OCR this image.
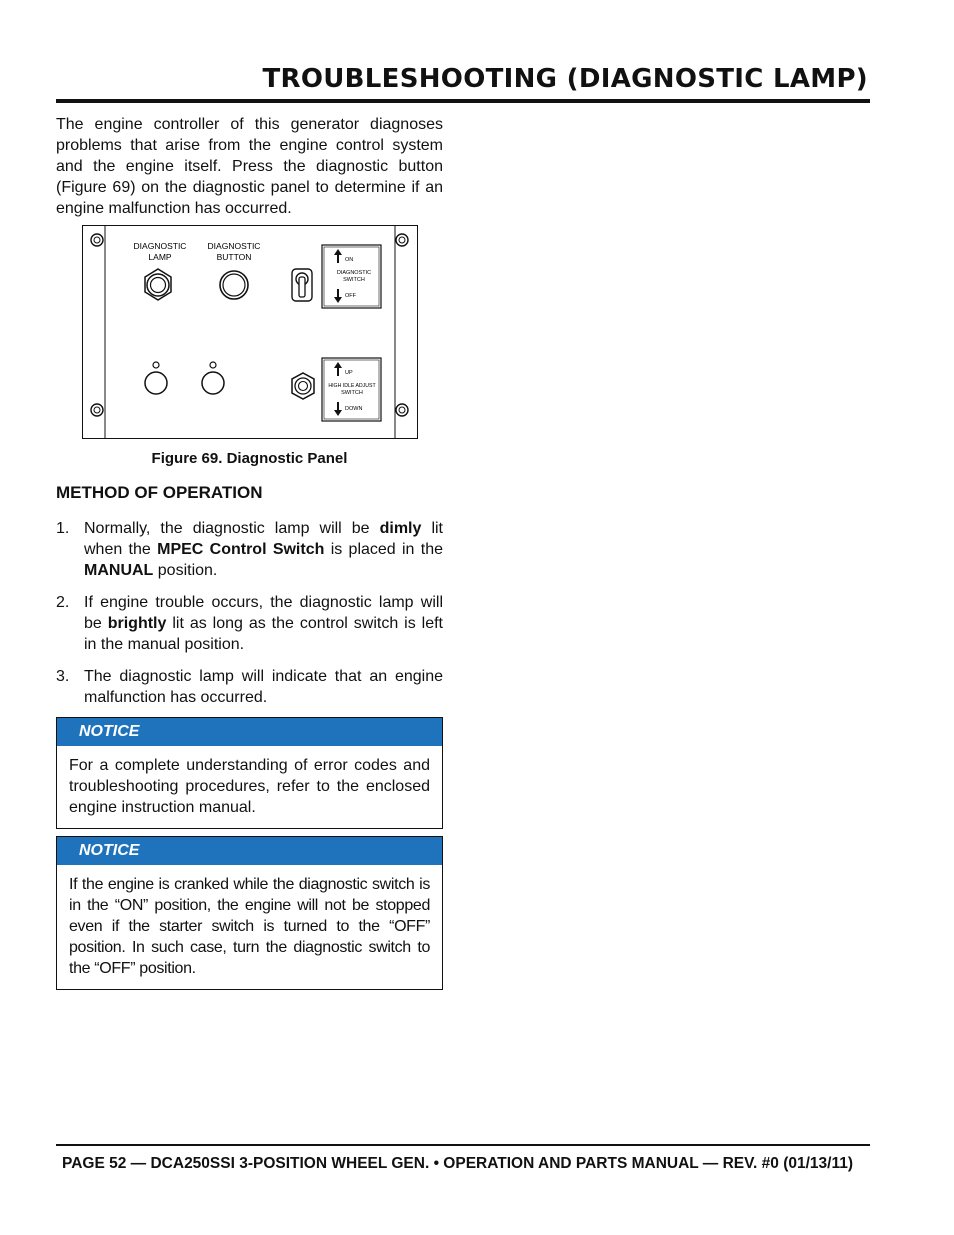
TROUBLESHOOTING (DIAGNOSTIC LAMP)

The engine controller of this generator diagnoses problems that arise from the engine control system and the engine itself. Press the diagnostic button (Figure 69) on the diagnostic panel to determine if an engine malfunction has occurred.

DIAGNOSTIC
LAMP
DIAGNOSTIC
BUTTON	ON
DIAGNOSTIC
SWITCH
OFF
UP
HIGH IDLE ADJUST
SWITCH
DOWN
Figure 69. Diagnostic Panel
METHOD OF OPERATION
1. Normally, the diagnostic lamp will be dimly lit when the MPEC Control Switch is placed in the MANUAL position.
2. If engine trouble occurs, the diagnostic lamp will be brightly lit as long as the control switch is left in the manual position.
3. The diagnostic lamp will indicate that an engine malfunction has occurred.
NOTICE
For a complete understanding of error codes and troubleshooting procedures, refer to the enclosed engine instruction manual.
NOTICE
If the engine is cranked while the diagnostic switch is in the “ON” position, the engine will not be stopped even if the starter switch is turned to the “OFF” position. In such case, turn the diagnostic switch to the “OFF” position.
PAGE 52 — DCA250SSI 3-POSITION WHEEL GEN. • OPERATION AND PARTS MANUAL — REV. #0 (01/13/11)
